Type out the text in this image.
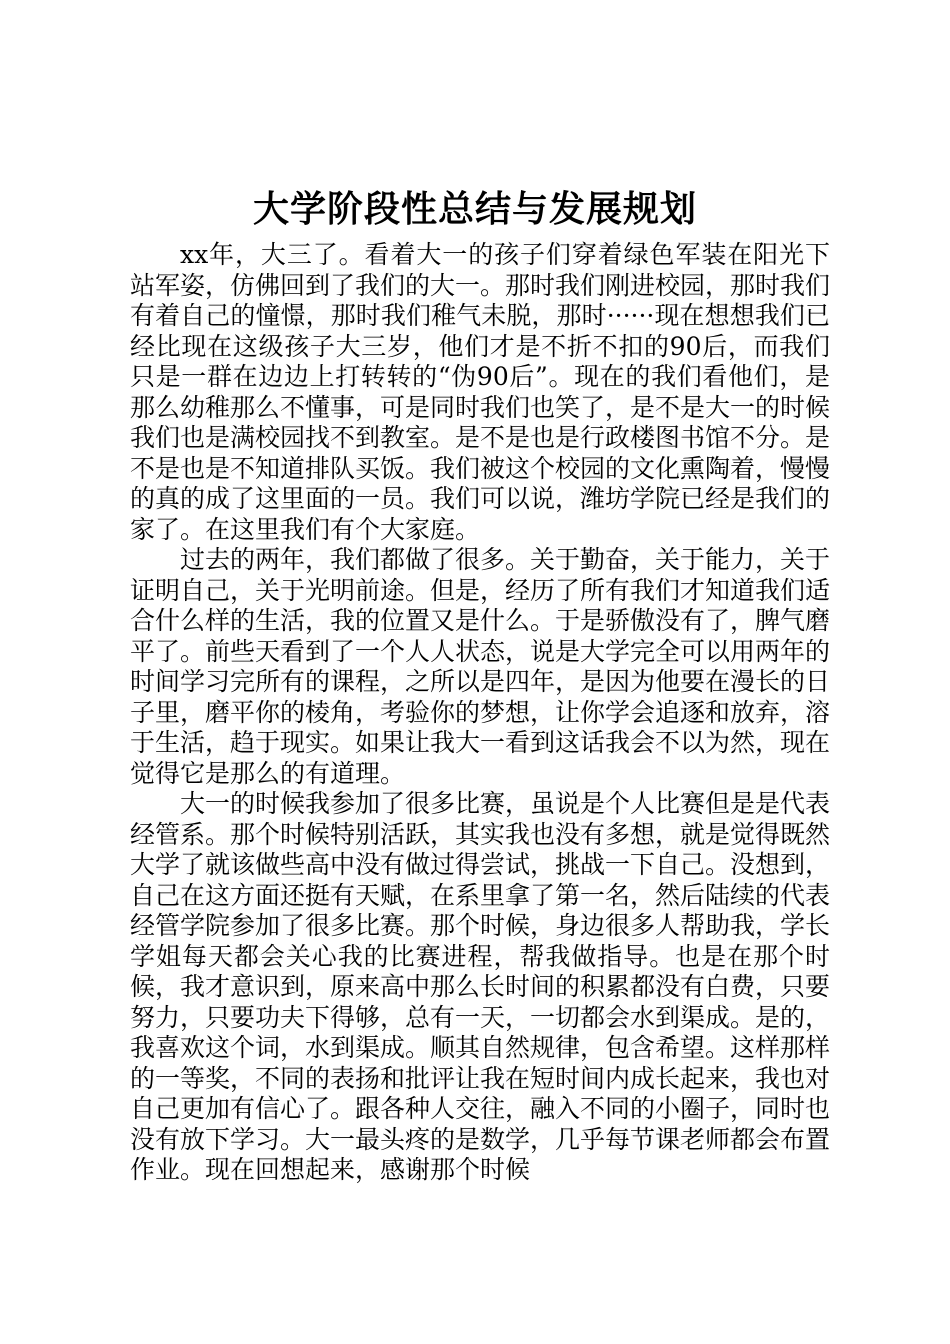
大学阶段性总结与发展规划

xx年，大三了。看着大一的孩子们穿着绿色军装在阳光下站军姿，仿佛回到了我们的大一。那时我们刚进校园，那时我们有着自己的憧憬，那时我们稚气未脱，那时······现在想想我们已经比现在这级孩子大三岁，他们才是不折不扣的90后，而我们只是一群在边边上打转转的“伪90后”。现在的我们看他们，是那么幼稚那么不懂事，可是同时我们也笑了，是不是大一的时候我们也是满校园找不到教室。是不是也是行政楼图书馆不分。是不是也是不知道排队买饭。我们被这个校园的文化熏陶着，慢慢的真的成了这里面的一员。我们可以说，潍坊学院已经是我们的家了。在这里我们有个大家庭。

过去的两年，我们都做了很多。关于勤奋，关于能力，关于证明自己，关于光明前途。但是，经历了所有我们才知道我们适合什么样的生活，我的位置又是什么。于是骄傲没有了，脾气磨平了。前些天看到了一个人人状态，说是大学完全可以用两年的时间学习完所有的课程，之所以是四年，是因为他要在漫长的日子里，磨平你的棱角，考验你的梦想，让你学会追逐和放弃，溶于生活，趋于现实。如果让我大一看到这话我会不以为然，现在觉得它是那么的有道理。

大一的时候我参加了很多比赛，虽说是个人比赛但是是代表经管系。那个时候特别活跃，其实我也没有多想，就是觉得既然大学了就该做些高中没有做过得尝试，挑战一下自己。没想到，自己在这方面还挺有天赋，在系里拿了第一名，然后陆续的代表经管学院参加了很多比赛。那个时候，身边很多人帮助我，学长学姐每天都会关心我的比赛进程，帮我做指导。也是在那个时候，我才意识到，原来高中那么长时间的积累都没有白费，只要努力，只要功夫下得够，总有一天，一切都会水到渠成。是的，我喜欢这个词，水到渠成。顺其自然规律，包含希望。这样那样的一等奖，不同的表扬和批评让我在短时间内成长起来，我也对自己更加有信心了。跟各种人交往，融入不同的小圈子，同时也没有放下学习。大一最头疼的是数学，几乎每节课老师都会布置作业。现在回想起来，感谢那个时候
